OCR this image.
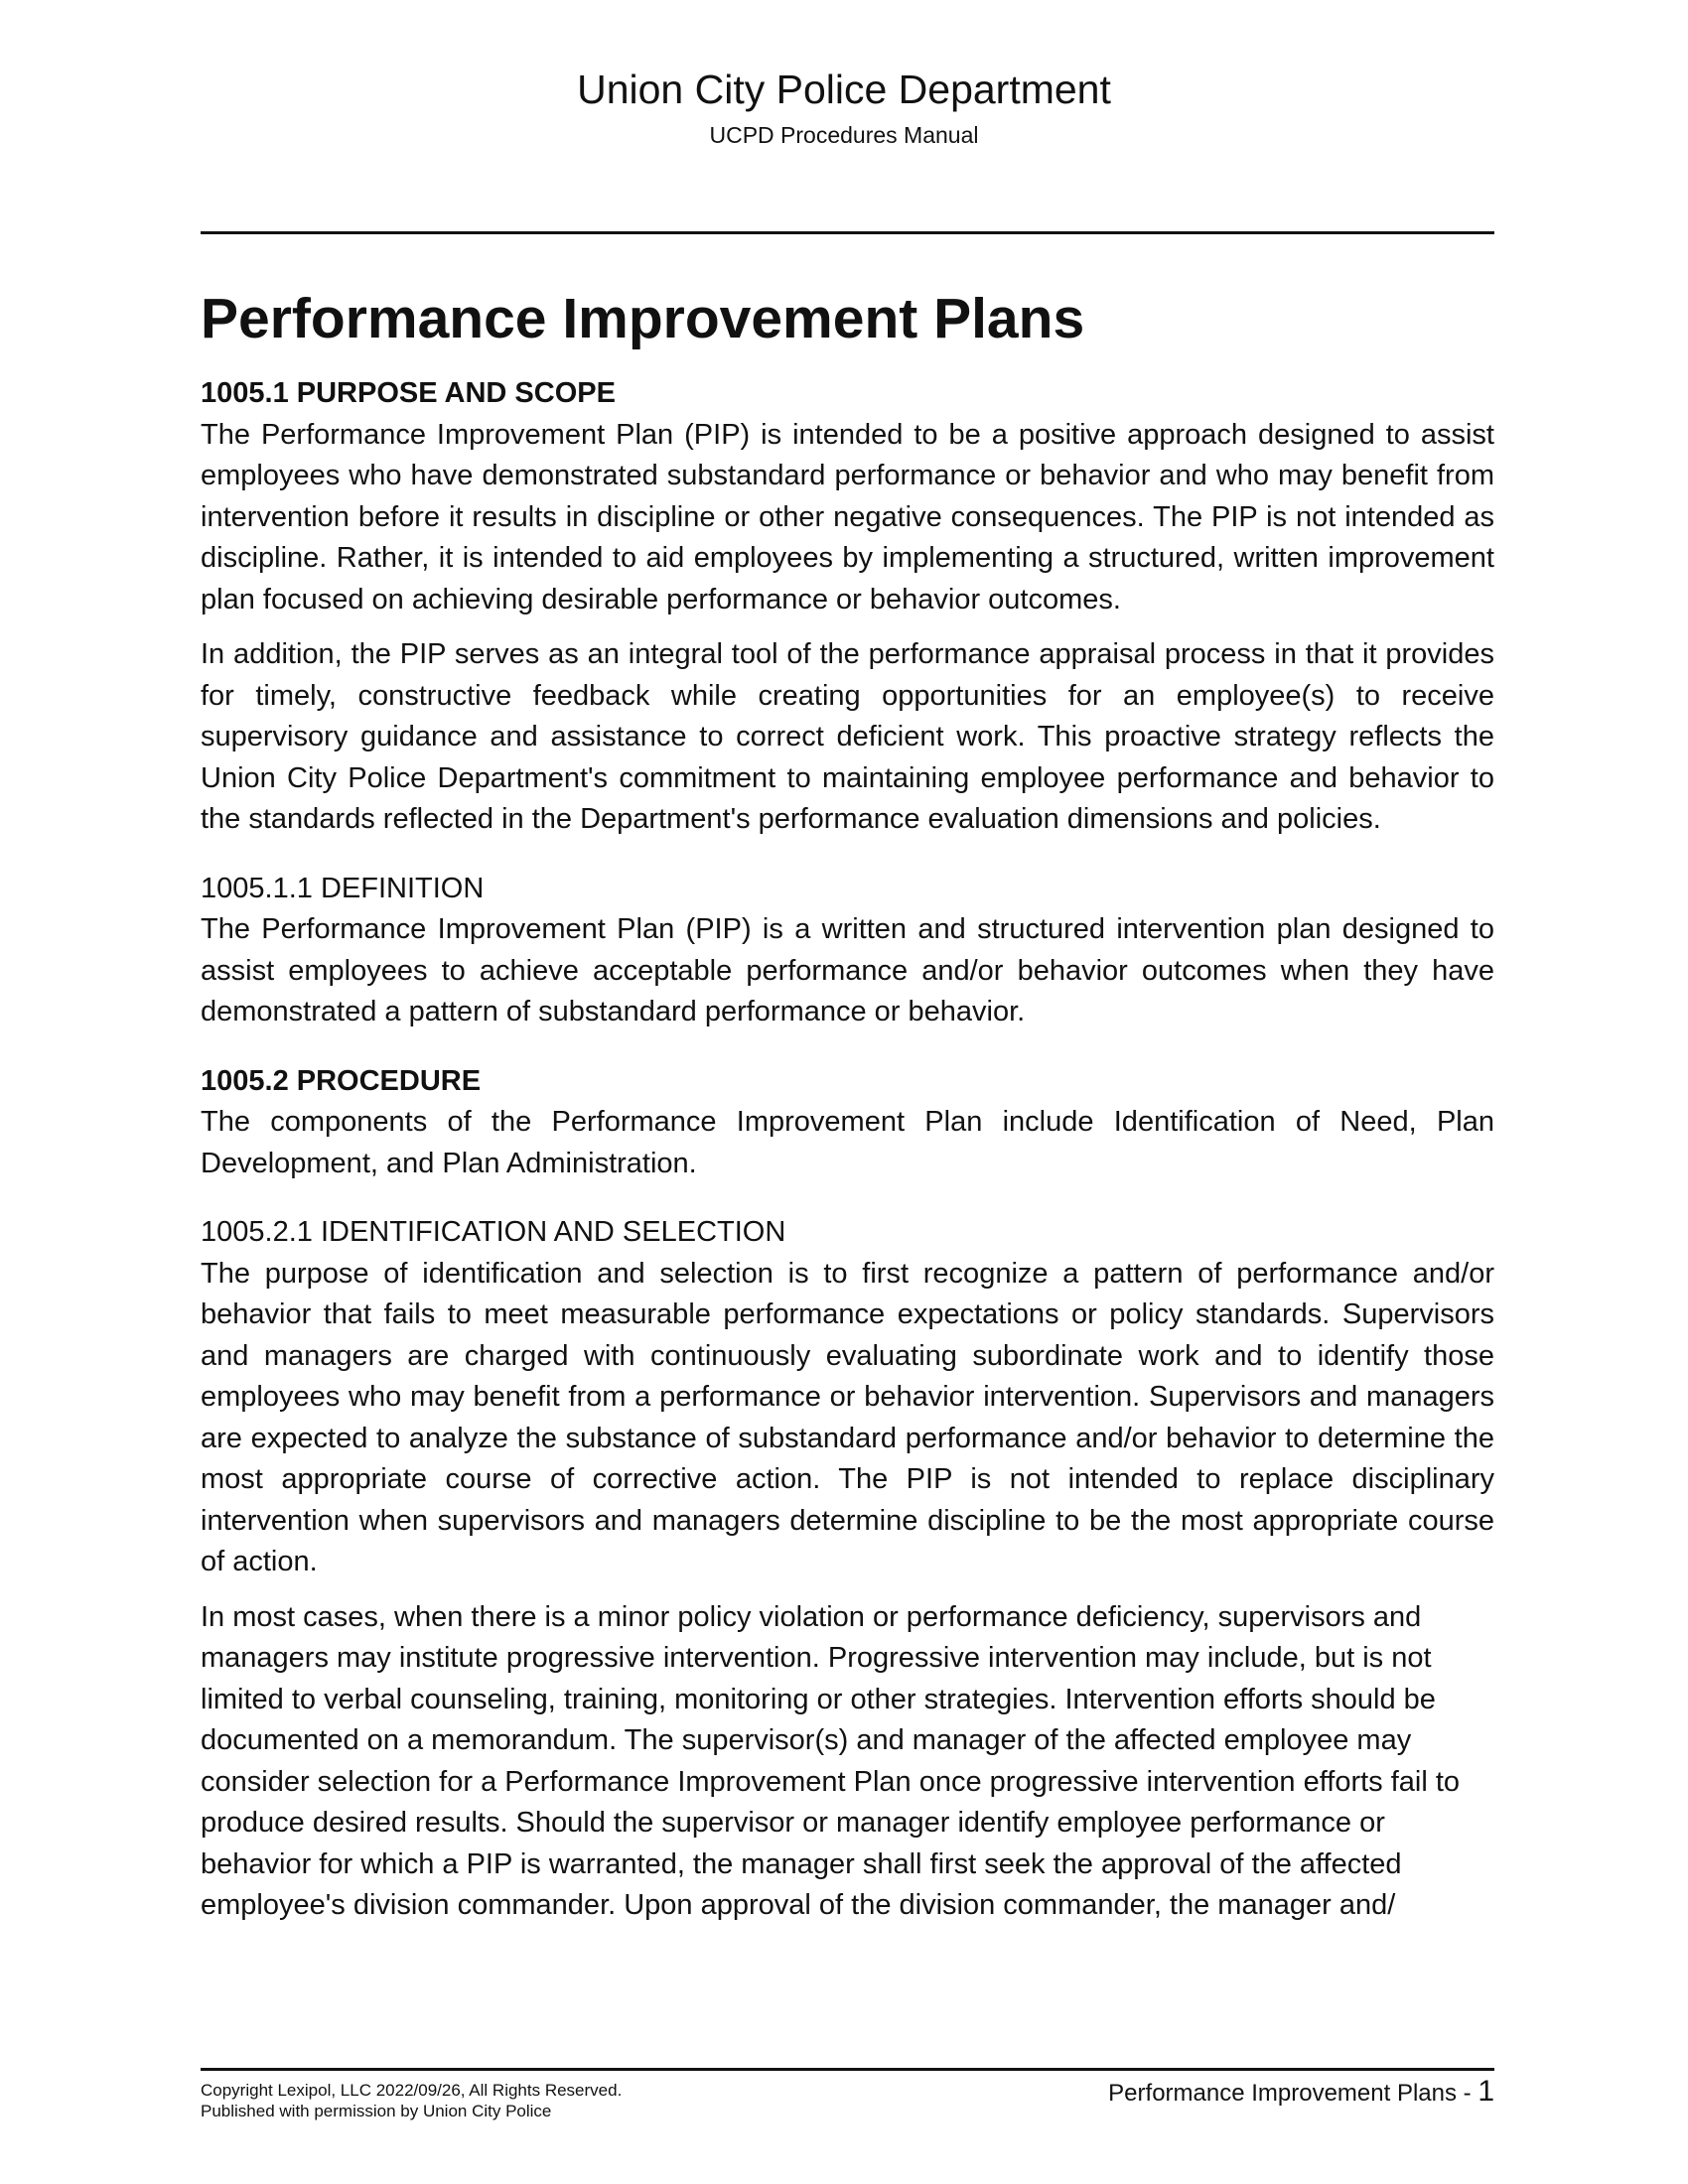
Union City Police Department
UCPD Procedures Manual
Performance Improvement Plans

1005.1 PURPOSE AND SCOPE

The Performance Improvement Plan (PIP) is intended to be a positive approach designed to assist employees who have demonstrated substandard performance or behavior and who may benefit from intervention before it results in discipline or other negative consequences. The PIP is not intended as discipline. Rather, it is intended to aid employees by implementing a structured, written improvement plan focused on achieving desirable performance or behavior outcomes.

In addition, the PIP serves as an integral tool of the performance appraisal process in that it provides for timely, constructive feedback while creating opportunities for an employee(s) to receive supervisory guidance and assistance to correct deficient work. This proactive strategy reflects the Union City Police Department's commitment to maintaining employee performance and behavior to the standards reflected in the Department's performance evaluation dimensions and policies.

1005.1.1 DEFINITION

The Performance Improvement Plan (PIP) is a written and structured intervention plan designed to assist employees to achieve acceptable performance and/or behavior outcomes when they have demonstrated a pattern of substandard performance or behavior.

1005.2 PROCEDURE

The components of the Performance Improvement Plan include Identification of Need, Plan Development, and Plan Administration.

1005.2.1 IDENTIFICATION AND SELECTION

The purpose of identification and selection is to first recognize a pattern of performance and/or behavior that fails to meet measurable performance expectations or policy standards. Supervisors and managers are charged with continuously evaluating subordinate work and to identify those employees who may benefit from a performance or behavior intervention. Supervisors and managers are expected to analyze the substance of substandard performance and/or behavior to determine the most appropriate course of corrective action. The PIP is not intended to replace disciplinary intervention when supervisors and managers determine discipline to be the most appropriate course of action.

In most cases, when there is a minor policy violation or performance deficiency, supervisors and managers may institute progressive intervention. Progressive intervention may include, but is not limited to verbal counseling, training, monitoring or other strategies. Intervention efforts should be documented on a memorandum. The supervisor(s) and manager of the affected employee may consider selection for a Performance Improvement Plan once progressive intervention efforts fail to produce desired results. Should the supervisor or manager identify employee performance or behavior for which a PIP is warranted, the manager shall first seek the approval of the affected employee's division commander. Upon approval of the division commander, the manager and/

Copyright Lexipol, LLC 2022/09/26, All Rights Reserved.
Published with permission by Union City Police
Performance Improvement Plans - 1
